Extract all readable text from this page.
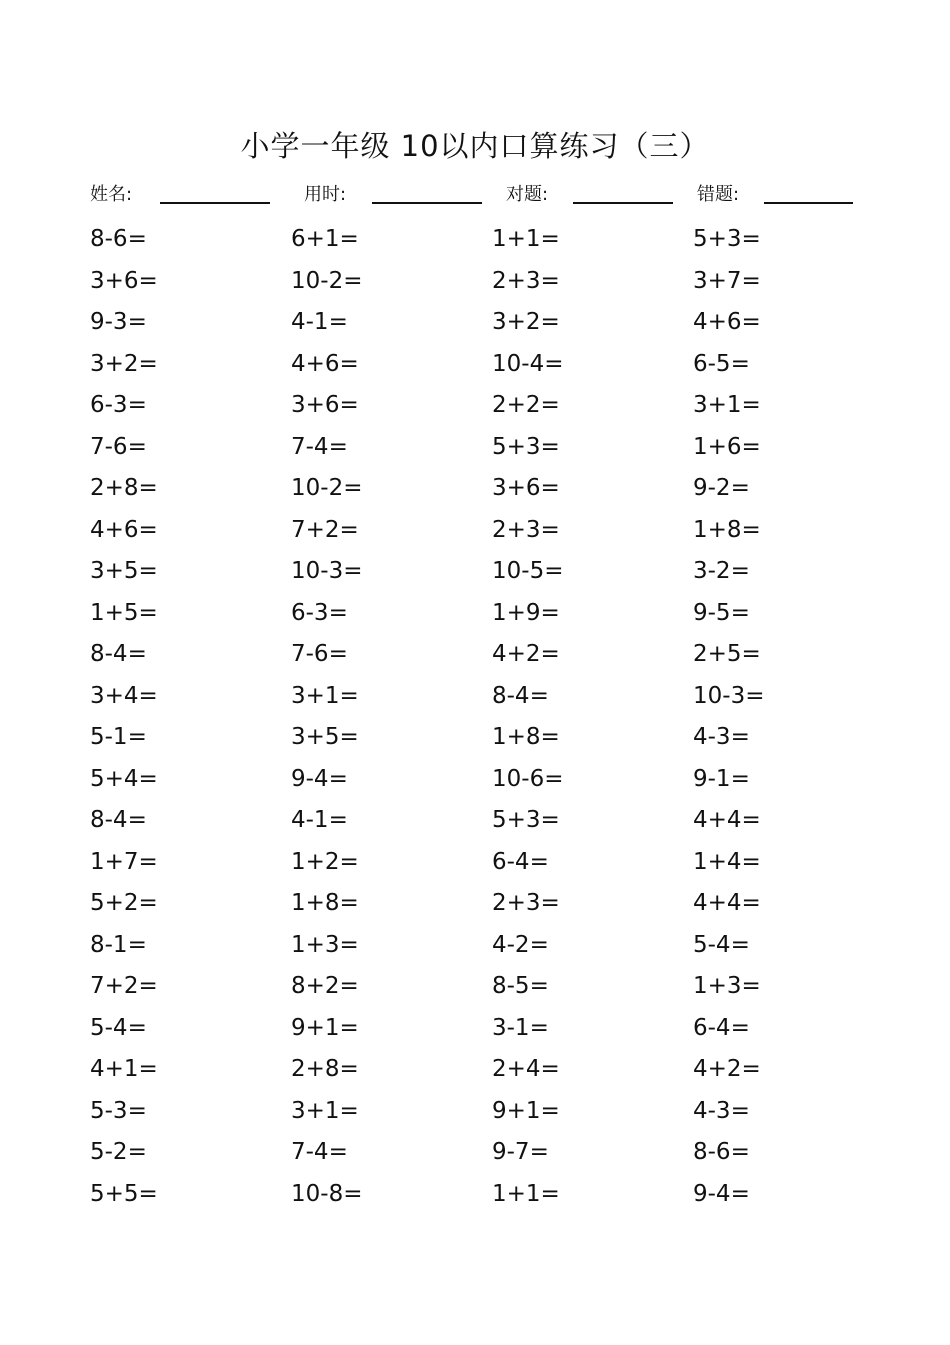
小学一年级 10以内口算练习（三）
姓名:	用时:	对题:	错题:
8-6=	6+1=	1+1=	5+3=
3+6=	10-2=	2+3=	3+7=
9-3=	4-1=	3+2=	4+6=
3+2=	4+6=	10-4=	6-5=
6-3=	3+6=	2+2=	3+1=
7-6=	7-4=	5+3=	1+6=
2+8=	10-2=	3+6=	9-2=
4+6=	7+2=	2+3=	1+8=
3+5=	10-3=	10-5=	3-2=
1+5=	6-3=	1+9=	9-5=
8-4=	7-6=	4+2=	2+5=
3+4=	3+1=	8-4=	10-3=
5-1=	3+5=	1+8=	4-3=
5+4=	9-4=	10-6=	9-1=
8-4=	4-1=	5+3=	4+4=
1+7=	1+2=	6-4=	1+4=
5+2=	1+8=	2+3=	4+4=
8-1=	1+3=	4-2=	5-4=
7+2=	8+2=	8-5=	1+3=
5-4=	9+1=	3-1=	6-4=
4+1=	2+8=	2+4=	4+2=
5-3=	3+1=	9+1=	4-3=
5-2=	7-4=	9-7=	8-6=
5+5=	10-8=	1+1=	9-4=
